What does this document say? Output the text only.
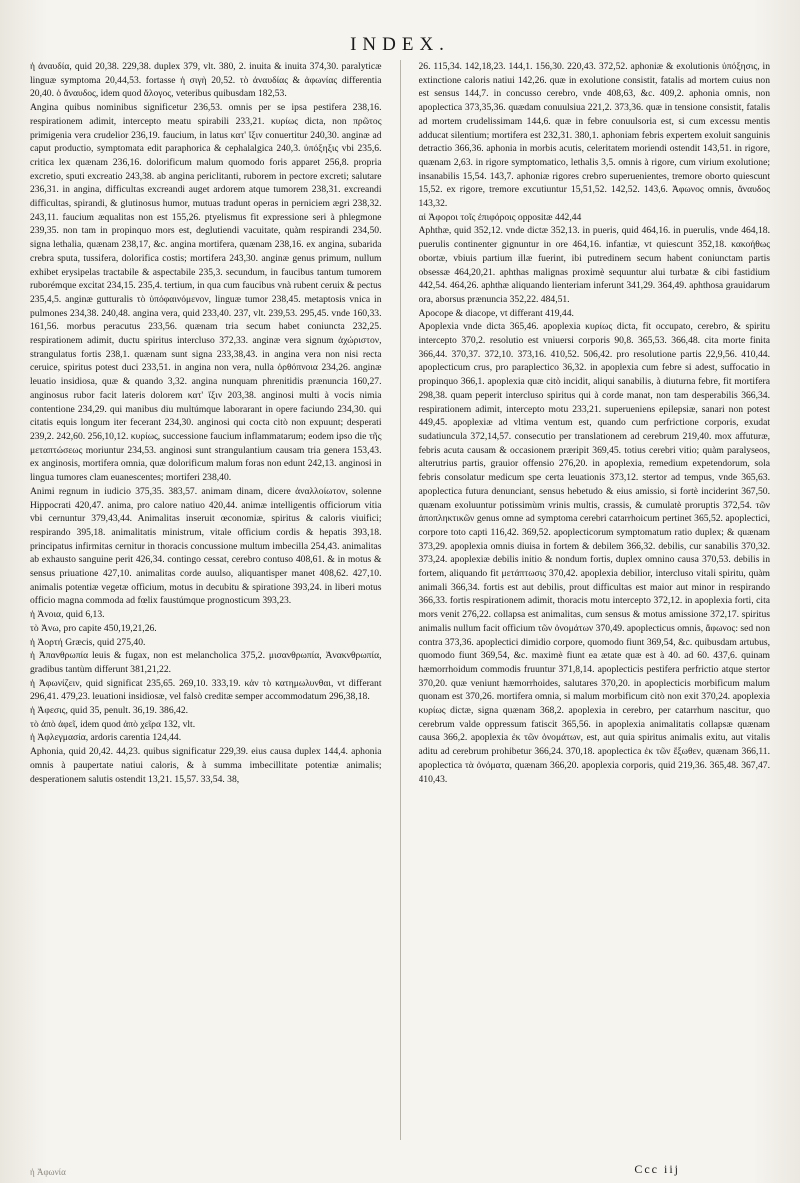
INDEX.

ἡ ἀναυδία, quid 20,38. 229,38. duplex 379, vlt. 380, 2. inuita & inuita 374,30. paralyticæ linguæ symptoma 20,44,53. fortasse ἡ σιγὴ 20,52. τὸ ἀναυδίας & ἀφωνίας differentia 20,40. ὁ ἄναυδος, idem quod ἄλογος, veteribus quibusdam 182,53.

Angina quibus nominibus significetur 236,53. omnis per se ipsa pestifera 238,16. respirationem adimit, intercepto meatu spirabili 233,21. κυρίως dicta, non πρῶτος primigenia vera crudelior 236,19. faucium, in latus κατ' ἴξιν conuertitur 240,30. anginæ ad caput productio, symptomata edit paraphorica & cephalalgica 240,3. ὑπόξηξις vbi 235,6. critica lex quænam 236,16. dolorificum malum quomodo foris apparet 256,8. propria excretio, sputi excreatio 243,38. ab angina periclitanti, ruborem in pectore excreti; salutare 236,31. in angina, difficultas excreandi auget ardorem atque tumorem 238,31. excreandi difficultas, spirandi, & glutinosus humor, mutuas tradunt operas in perniciem ægri 238,32. 243,11. faucium æqualitas non est 155,26. ptyelismus fit expressione seri à phlegmone 239,35. non tam in propinquo mors est, deglutiendi vacuitate, quàm respirandi 234,50. signa lethalia, quænam 238,17, &c. angina mortifera, quænam 238,16. ex angina, subarida crebra sputa, tussifera, dolorifica costis; mortifera 243,30. anginæ genus primum, nullum exhibet erysipelas tractabile & aspectabile 235,3. secundum, in faucibus tantum tumorem ruborémque excitat 234,15. 235,4. tertium, in qua cum faucibus vnà rubent ceruix & pectus 235,4,5. anginæ gutturalis τὸ ὑπόφαινόμενον, linguæ tumor 238,45. metaptosis vnica in pulmones 234,38. 240,48. angina vera, quid 233,40. 237, vlt. 239,53. 295,45. vnde 160,33. 161,56. morbus peracutus 233,56. quænam tria secum habet coniuncta 232,25. respirationem adimit, ductu spiritus intercluso 372,33. anginæ vera signum ἀχώριστον, strangulatus fortis 238,1. quænam sunt signa 233,38,43. in angina vera non nisi recta ceruice, spiritus potest duci 233,51. in angina non vera, nulla ὀρθόπνοια 234,26. anginæ leuatio insidiosa, quæ & quando 3,32. angina nunquam phrenitidis prænuncia 160,27. anginosus rubor facit lateris dolorem κατ' ἴξιν 203,38. anginosi multi à vocis nimia contentione 234,29. qui manibus diu multúmque laborarant in opere faciundo 234,30. qui citatis equis longum iter fecerant 234,30. anginosi qui cocta citò non expuunt; desperati 239,2. 242,60. 256,10,12. κυρίως, successione faucium inflammatarum; eodem ipso die τῆς μεταπτώσεως moriuntur 234,53. anginosi sunt strangulantium causam tria genera 153,43. ex anginosis, mortifera omnia, quæ dolorificum malum foras non edunt 242,13. anginosi in lingua tumores clam euanescentes; mortiferi 238,40.

Animi regnum in iudicio 375,35. 383,57. animam dinam, dicere ἀναλλοίωτον, solenne Hippocrati 420,47. anima, pro calore natiuo 420,44. animæ intelligentis officiorum vitia vbi cernuntur 379,43,44. Animalitas inseruit œconomiæ, spiritus & caloris viuifici; respirando 395,18. animalitatis ministrum, vitale officium cordis & hepatis 393,18. principatus infirmitas cernitur in thoracis concussione multum imbecilla 254,43. animalitas ab exhausto sanguine perit 426,34. contingo cessat, cerebro contuso 408,61. & in motus & sensus priuatione 427,10. animalitas corde auulso, aliquantisper manet 408,62. 427,10. animalis potentiæ vegetæ officium, motus in decubitu & spiratione 393,24. in liberi motus officio magna commoda ad fœlix faustúmque prognosticum 393,23.

ἡ Ἀνοια, quid 6,13.

τὸ Ἀνω, pro capite 450,19,21,26.

ἡ Ἀορτή Græcis, quid 275,40.

ἡ Ἀπανθρωπία leuis & fugax, non est melancholica 375,2. μισανθρωπία, Ἀνακνθρωπία, gradibus tantùm differunt 381,21,22.

ἡ Ἀφωνίζειν, quid significat 235,65. 269,10. 333,19. κἀν τὸ κατημωλυνθαι, vt differant 296,41. 479,23. leuationi insidiosæ, vel falsò creditæ semper accommodatum 296,38,18.

ἡ Ἀφεσις, quid 35, penult. 36,19. 386,42.

τὸ ἀπὸ ἀφεῖ, idem quod ἀπὸ χεῖρα 132, vlt.

ἡ Ἀφλεγμασία, ardoris carentia 124,44.

Aphonia, quid 20,42. 44,23. quibus significatur 229,39. eius causa duplex 144,4. aphonia omnis à paupertate natiui caloris, & à summa imbecillitate potentiæ animalis; desperationem salutis ostendit 13,21. 15,57. 33,54. 38,

26. 115,34. 142,18,23. 144,1. 156,30. 220,43. 372,52. aphoniæ & exolutionis ὑπόξησις, in extinctione caloris natiui 142,26. quæ in exolutione consistit, fatalis ad mortem cuius non est sensus 144,7. in concusso cerebro, vnde 408,63, &c. 409,2. aphonia omnis, non apoplectica 373,35,36. quædam conuulsiua 221,2. 373,36. quæ in tensione consistit, fatalis ad mortem crudelissimam 144,6. quæ in febre conuulsoria est, si cum excessu mentis adducat silentium; mortifera est 232,31. 380,1. aphoniam febris expertem exoluit sanguinis detractio 366,36. aphonia in morbis acutis, celeritatem moriendi ostendit 143,51. in rigore, quænam 2,63. in rigore symptomatico, lethalis 3,5. omnis à rigore, cum virium exolutione; insanabilis 15,54. 143,7. aphoniæ rigores crebro superuenientes, tremore oborto quiescunt 15,52. ex rigore, tremore excutiuntur 15,51,52. 142,52. 143,6. Ἀφωνος omnis, ἄναυδος 143,32.

αἱ Ἀφοροι τοῖς ἐπιφόροις oppositæ 442,44

Aphthæ, quid 352,12. vnde dictæ 352,13. in pueris, quid 464,16. in puerulis, vnde 464,18. puerulis continenter gignuntur in ore 464,16. infantiæ, vt quiescunt 352,18. κακοήθως obortæ, vbiuis partium illæ fuerint, ibi putredinem secum habent coniunctam partis obsessæ 464,20,21. aphthas malignas proximè sequuntur alui turbatæ & cibi fastidium 442,54. 464,26. aphthæ aliquando lienteriam inferunt 341,29. 364,49. aphthosa grauidarum ora, aborsus prænuncia 352,22. 484,51.

Apocope & diacope, vt differant 419,44.

Apoplexia vnde dicta 365,46. apoplexia κυρίως dicta, fit occupato, cerebro, & spiritu intercepto 370,2. resolutio est vniuersi corporis 90,8. 365,53. 366,48. cita morte finita 366,44. 370,37. 372,10. 373,16. 410,52. 506,42. pro resolutione partis 22,9,56. 410,44. apoplecticum crus, pro paraplectico 36,32. in apoplexia cum febre si adest, suffocatio in propinquo 366,1. apoplexia quæ citò incidit, aliqui sanabilis, à diuturna febre, fit mortifera 298,38. quam peperit intercluso spiritus qui à corde manat, non tam desperabilis 366,34. respirationem adimit, intercepto motu 233,21. superueniens epilepsiæ, sanari non potest 449,45. apoplexiæ ad vltima ventum est, quando cum perfrictione corporis, exudat sudatiuncula 372,14,57. consecutio per translationem ad cerebrum 219,40. mox affuturæ, febris acuta causam & occasionem præripit 369,45. totius cerebri vitio; quàm paralyseos, alterutrius partis, grauior offensio 276,20. in apoplexia, remedium expetendorum, sola febris consolatur medicum spe certa leuationis 373,12. stertor ad tempus, vnde 365,63. apoplectica futura denunciant, sensus hebetudo & eius amissio, si fortè inciderint 367,50. quænam exoluuntur potissimùm vrinis multis, crassis, & cumulatè proruptis 372,54. τῶν ἀποπληκτικῶν genus omne ad symptoma cerebri catarrhoicum pertinet 365,52. apoplectici, corpore toto capti 116,42. 369,52. apoplecticorum symptomatum ratio duplex; & quænam 373,29. apoplexia omnis diuisa in fortem & debilem 366,32. debilis, cur sanabilis 370,32. 373,24. apoplexiæ debilis initio & nondum fortis, duplex omnino causa 370,53. debilis in fortem, aliquando fit μετάπτωσις 370,42. apoplexia debilior, intercluso vitali spiritu, quàm animali 366,34. fortis est aut debilis, prout difficultas est maior aut minor in respirando 366,33. fortis respirationem adimit, thoracis motu intercepto 372,12. in apoplexia forti, cita mors venit 276,22. collapsa est animalitas, cum sensus & motus amissione 372,17. spiritus animalis nullum facit officium τῶν ὀνομάτων 370,49. apoplecticus omnis, ἄφωνος: sed non contra 373,36. apoplectici dimidio corpore, quomodo fiunt 369,54, &c. quibusdam artubus, quomodo fiunt 369,54, &c. maximè fiunt ea ætate quæ est à 40. ad 60. 437,6. quinam hæmorrhoidum commodis fruuntur 371,8,14. apoplecticis pestifera perfrictio atque stertor 370,20. quæ veniunt hæmorrhoides, salutares 370,20. in apoplecticis morbificum malum quonam est 370,26. mortifera omnia, si malum morbificum citò non exit 370,24. apoplexia κυρίως dictæ, signa quænam 368,2. apoplexia in cerebro, per catarrhum nascitur, quo cerebrum valde oppressum fatiscit 365,56. in apoplexia animalitatis collapsæ quænam causa 366,2. apoplexia ἐκ τῶν ὀνομάτων, est, aut quia spiritus animalis exitu, aut vitalis aditu ad cerebrum prohibetur 366,24. 370,18. apoplectica ἐκ τῶν ἔξωθεν, quænam 366,11. apoplectica τὰ ὀνόματα, quænam 366,20. apoplexia corporis, quid 219,36. 365,48. 367,47. 410,43.

ἡ Ἀφωνία	Ccc iij
